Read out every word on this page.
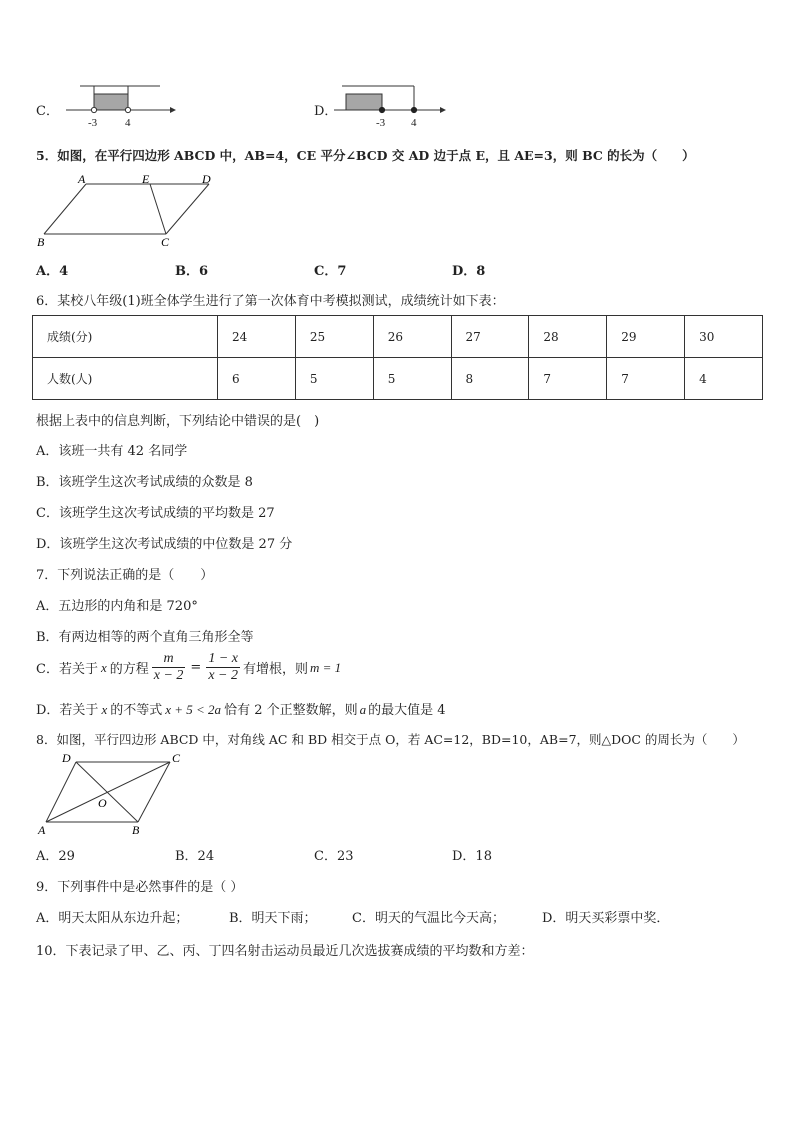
C．
-3	4
D．
-3 4
5．如图，在平行四边形 ABCD 中，AB=4，CE 平分∠BCD 交 AD 边于点 E，且 AE=3，则 BC 的长为（　　）
A	E	D
B	C
A．4	B．6	C．7	D．8
6．某校八年级(1)班全体学生进行了第一次体育中考模拟测试，成绩统计如下表：
成绩(分)	24	25	26	27	28	29	30
人数(人)	6	5	5	8	7	7	4
根据上表中的信息判断，下列结论中错误的是(　)
A．该班一共有 42 名同学
B．该班学生这次考试成绩的众数是 8
C．该班学生这次考试成绩的平均数是 27
D．该班学生这次考试成绩的中位数是 27 分
7．下列说法正确的是（　　）
A．五边形的内角和是 720°
B．有两边相等的两个直角三角形全等
C．若关于 x 的方程 $\frac{m}{x - 2} = \frac{1 - x}{x - 2}$ 有增根，则 m = 1
D．若关于 x 的不等式 x + 5 < 2a 恰有 2 个正整数解，则 a 的最大值是 4
8．如图，平行四边形 ABCD 中，对角线 AC 和 BD 相交于点 O，若 AC=12，BD=10，AB=7，则△DOC 的周长为（　　）
D	C
O
A	B
A．29	B．24	C．23	D．18
9．下列事件中是必然事件的是（ ）
A．明天太阳从东边升起；	B．明天下雨；	C．明天的气温比今天高；	D．明天买彩票中奖．
10．下表记录了甲、乙、丙、丁四名射击运动员最近几次选拔赛成绩的平均数和方差：
